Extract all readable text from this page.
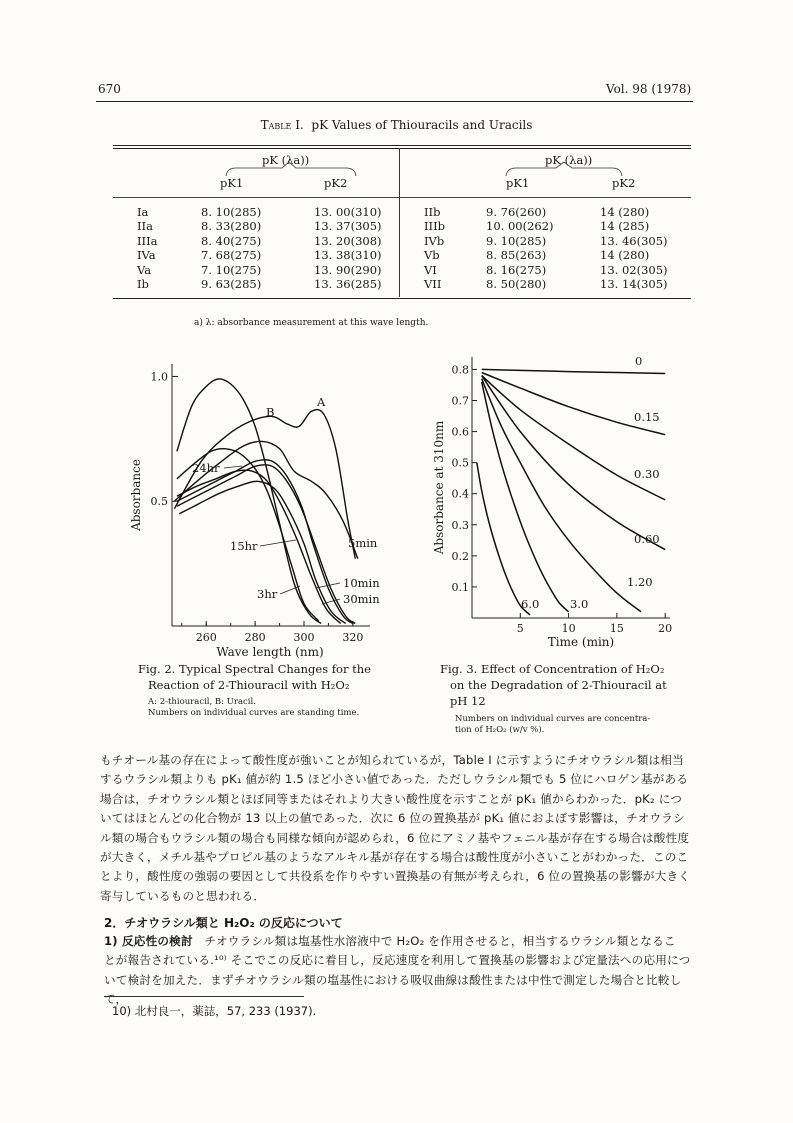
670	Vol. 98 (1978)
Table I. pK Values of Thiouracils and Uracils
pK (λa))	pK (λa))
pK1	pK2	pK1	pK2
Ia	8. 10(285)	13. 00(310)
IIa	8. 33(280)	13. 37(305)
IIIa	8. 40(275)	13. 20(308)
IVa	7. 68(275)	13. 38(310)
Va	7. 10(275)	13. 90(290)
Ib	9. 63(285)	13. 36(285)
IIb	9. 76(260)	14 (280)
IIIb	10. 00(262)	14 (285)
IVb	9. 10(285)	13. 46(305)
Vb	8. 85(263)	14 (280)
VI	8. 16(275)	13. 02(305)
VII	8. 50(280)	13. 14(305)
a) λ: absorbance measurement at this wave length.
260	280	300	320
1.0
0.5
Wave length (nm)
Absorbance
A
B
24hr
15hr	5min
3hr
10min
30min
5	10	15	20
0.8
0.7
0.6
0.5
0.4
0.3
0.2
0.1
Time (min)
Absorbance at 310nm
0
0.15
0.30
0.60
1.20
3.0
6.0
Fig. 2. Typical Spectral Changes for the
Reaction of 2-Thiouracil with H₂O₂
A: 2-thiouracil, B: Uracil.
Numbers on individual curves are standing time.
Fig. 3. Effect of Concentration of H₂O₂
on the Degradation of 2-Thiouracil at
pH 12
Numbers on individual curves are concentra-
tion of H₂O₂ (w/v %).
もチオール基の存在によって酸性度が強いことが知られているが，Table I に示すようにチオウラシル類は相当
するウラシル類よりも pK₁ 値が約 1.5 ほど小さい値であった．ただしウラシル類でも 5 位にハロゲン基がある
場合は，チオウラシル類とほぼ同等またはそれより大きい酸性度を示すことが pK₁ 値からわかった．pK₂ につ
いてはほとんどの化合物が 13 以上の値であった．次に 6 位の置換基が pK₁ 値におよぼす影響は，チオウラシ
ル類の場合もウラシル類の場合も同様な傾向が認められ，6 位にアミノ基やフェニル基が存在する場合は酸性度
が大きく，メチル基やプロピル基のようなアルキル基が存在する場合は酸性度が小さいことがわかった．このこ
とより，酸性度の強弱の要因として共役系を作りやすい置換基の有無が考えられ，6 位の置換基の影響が大きく
寄与しているものと思われる．
2．チオウラシル類と H₂O₂ の反応について
1) 反応性の検討 チオウラシル類は塩基性水溶液中で H₂O₂ を作用させると，相当するウラシル類となるこ
とが報告されている.¹⁰⁾ そこでこの反応に着目し，反応速度を利用して置換基の影響および定量法への応用につ
いて検討を加えた．まずチオウラシル類の塩基性における吸収曲線は酸性または中性で測定した場合と比較して，
10) 北村良一，薬誌，57, 233 (1937).
